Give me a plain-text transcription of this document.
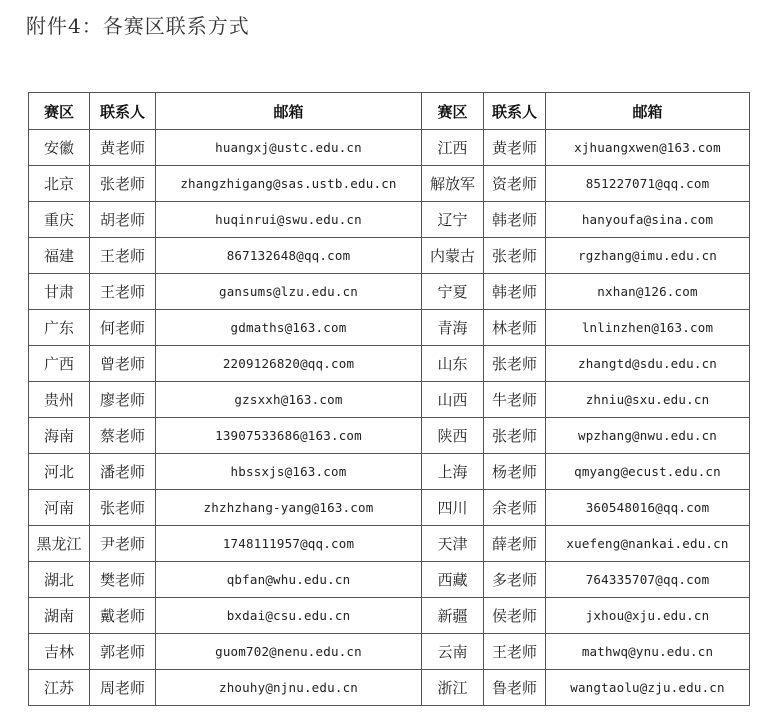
附件4：各赛区联系方式
赛区	联系人	邮箱	赛区	联系人	邮箱
安徽	黄老师	huangxj@ustc.edu.cn	江西	黄老师	xjhuangxwen@163.com
北京	张老师	zhangzhigang@sas.ustb.edu.cn	解放军	资老师	851227071@qq.com
重庆	胡老师	huqinrui@swu.edu.cn	辽宁	韩老师	hanyoufa@sina.com
福建	王老师	867132648@qq.com	内蒙古	张老师	rgzhang@imu.edu.cn
甘肃	王老师	gansums@lzu.edu.cn	宁夏	韩老师	nxhan@126.com
广东	何老师	gdmaths@163.com	青海	林老师	lnlinzhen@163.com
广西	曾老师	2209126820@qq.com	山东	张老师	zhangtd@sdu.edu.cn
贵州	廖老师	gzsxxh@163.com	山西	牛老师	zhniu@sxu.edu.cn
海南	蔡老师	13907533686@163.com	陕西	张老师	wpzhang@nwu.edu.cn
河北	潘老师	hbssxjs@163.com	上海	杨老师	qmyang@ecust.edu.cn
河南	张老师	zhzhzhang-yang@163.com	四川	余老师	360548016@qq.com
黑龙江	尹老师	1748111957@qq.com	天津	薛老师	xuefeng@nankai.edu.cn
湖北	樊老师	qbfan@whu.edu.cn	西藏	多老师	764335707@qq.com
湖南	戴老师	bxdai@csu.edu.cn	新疆	侯老师	jxhou@xju.edu.cn
吉林	郭老师	guom702@nenu.edu.cn	云南	王老师	mathwq@ynu.edu.cn
江苏	周老师	zhouhy@njnu.edu.cn	浙江	鲁老师	wangtaolu@zju.edu.cn
